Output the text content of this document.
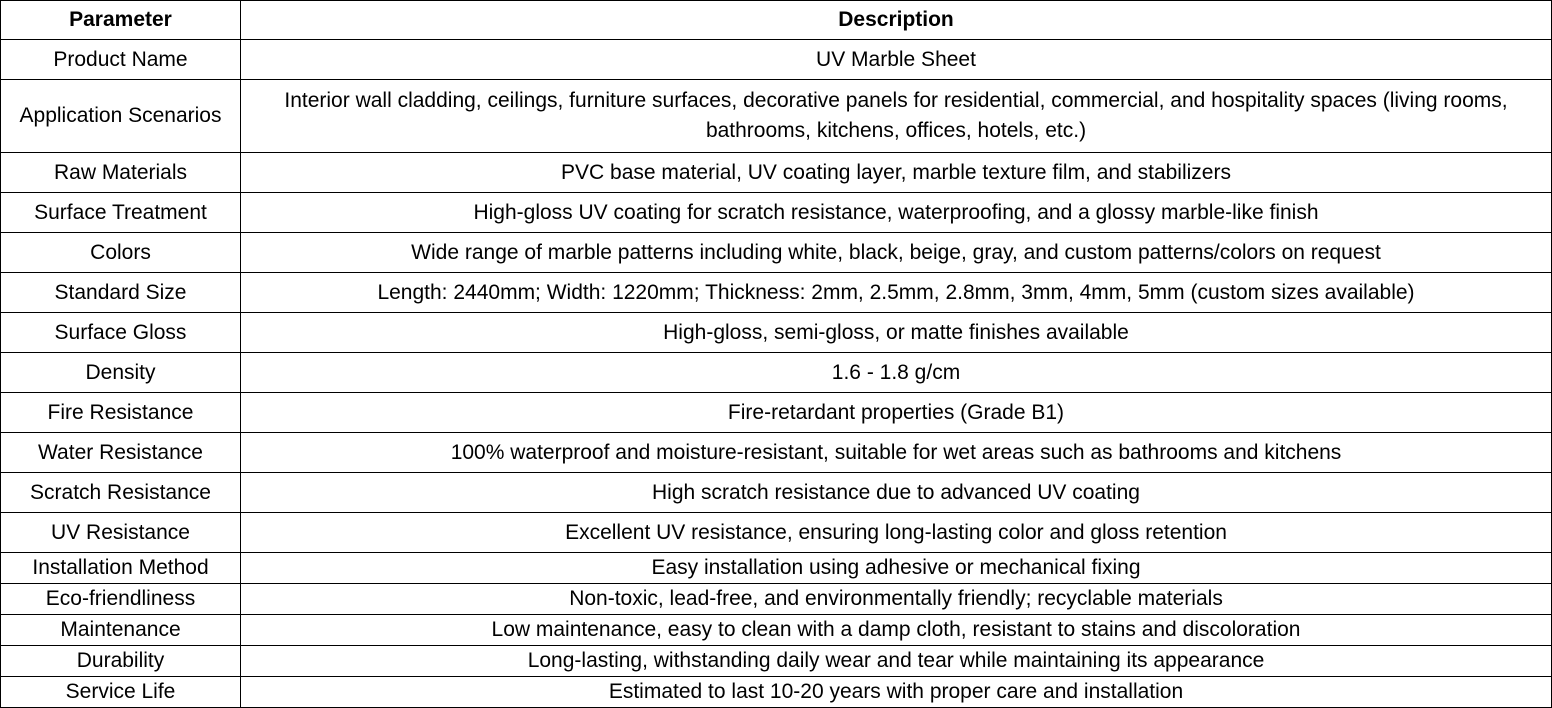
Parameter	Description
Product Name	UV Marble Sheet
Application Scenarios	Interior wall cladding, ceilings, furniture surfaces, decorative panels for residential, commercial, and hospitality spaces (living rooms, bathrooms, kitchens, offices, hotels, etc.)
Raw Materials	PVC base material, UV coating layer, marble texture film, and stabilizers
Surface Treatment	High-gloss UV coating for scratch resistance, waterproofing, and a glossy marble-like finish
Colors	Wide range of marble patterns including white, black, beige, gray, and custom patterns/colors on request
Standard Size	Length: 2440mm; Width: 1220mm; Thickness: 2mm, 2.5mm, 2.8mm, 3mm, 4mm, 5mm (custom sizes available)
Surface Gloss	High-gloss, semi-gloss, or matte finishes available
Density	1.6 - 1.8 g/cm
Fire Resistance	Fire-retardant properties (Grade B1)
Water Resistance	100% waterproof and moisture-resistant, suitable for wet areas such as bathrooms and kitchens
Scratch Resistance	High scratch resistance due to advanced UV coating
UV Resistance	Excellent UV resistance, ensuring long-lasting color and gloss retention
Installation Method	Easy installation using adhesive or mechanical fixing
Eco-friendliness	Non-toxic, lead-free, and environmentally friendly; recyclable materials
Maintenance	Low maintenance, easy to clean with a damp cloth, resistant to stains and discoloration
Durability	Long-lasting, withstanding daily wear and tear while maintaining its appearance
Service Life	Estimated to last 10-20 years with proper care and installation
